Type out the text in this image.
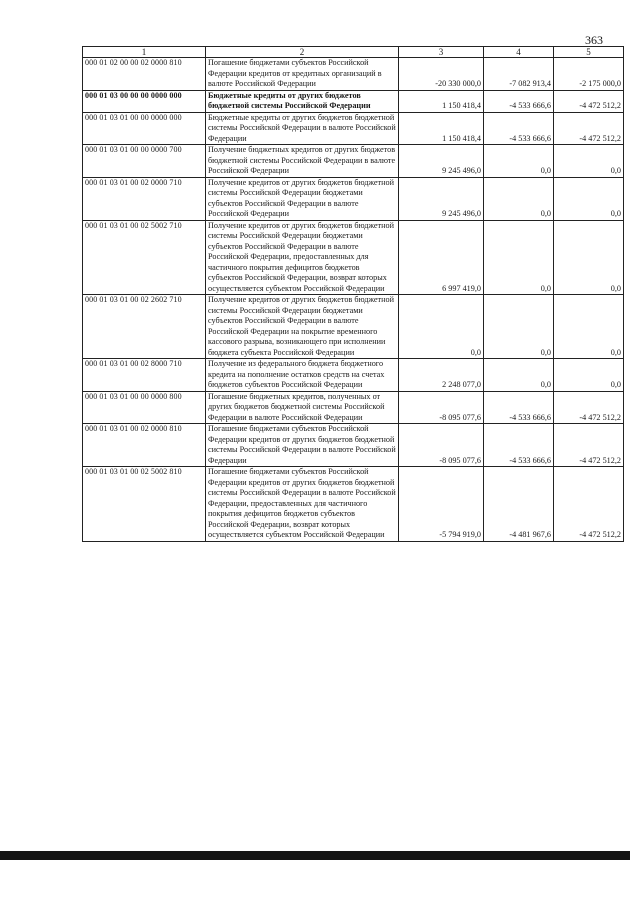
363
1	2	3	4	5
000 01 02 00 00 02 0000 810	Погашение бюджетами субъектов Российской Федерации кредитов от кредитных организаций в валюте Российской Федерации	-20 330 000,0	-7 082 913,4	-2 175 000,0
000 01 03 00 00 00 0000 000	Бюджетные кредиты от других бюджетов бюджетной системы Российской Федерации	1 150 418,4	-4 533 666,6	-4 472 512,2
000 01 03 01 00 00 0000 000	Бюджетные кредиты от других бюджетов бюджетной системы Российской Федерации в валюте Российской Федерации	1 150 418,4	-4 533 666,6	-4 472 512,2
000 01 03 01 00 00 0000 700	Получение бюджетных кредитов от других бюджетов бюджетной системы Российской Федерации в валюте Российской Федерации	9 245 496,0	0,0	0,0
000 01 03 01 00 02 0000 710	Получение кредитов от других бюджетов бюджетной системы Российской Федерации бюджетами субъектов Российской Федерации в валюте Российской Федерации	9 245 496,0	0,0	0,0
000 01 03 01 00 02 5002 710	Получение кредитов от других бюджетов бюджетной системы Российской Федерации бюджетами субъектов Российской Федерации в валюте Российской Федерации, предоставленных для частичного покрытия дефицитов бюджетов субъектов Российской Федерации, возврат которых осуществляется субъектом Российской Федерации	6 997 419,0	0,0	0,0
000 01 03 01 00 02 2602 710	Получение кредитов от других бюджетов бюджетной системы Российской Федерации бюджетами субъектов Российской Федерации в валюте Российской Федерации на покрытие временного кассового разрыва, возникающего при исполнении бюджета субъекта Российской Федерации	0,0	0,0	0,0
000 01 03 01 00 02 8000 710	Получение из федерального бюджета бюджетного кредита на пополнение остатков средств на счетах бюджетов субъектов Российской Федерации	2 248 077,0	0,0	0,0
000 01 03 01 00 00 0000 800	Погашение бюджетных кредитов, полученных от других бюджетов бюджетной системы Российской Федерации в валюте Российской Федерации	-8 095 077,6	-4 533 666,6	-4 472 512,2
000 01 03 01 00 02 0000 810	Погашение бюджетами субъектов Российской Федерации кредитов от других бюджетов бюджетной системы Российской Федерации в валюте Российской Федерации	-8 095 077,6	-4 533 666,6	-4 472 512,2
000 01 03 01 00 02 5002 810	Погашение бюджетами субъектов Российской Федерации кредитов от других бюджетов бюджетной системы Российской Федерации в валюте Российской Федерации, предоставленных для частичного покрытия дефицитов бюджетов субъектов Российской Федерации, возврат которых осуществляется субъектом Российской Федерации	-5 794 919,0	-4 481 967,6	-4 472 512,2
